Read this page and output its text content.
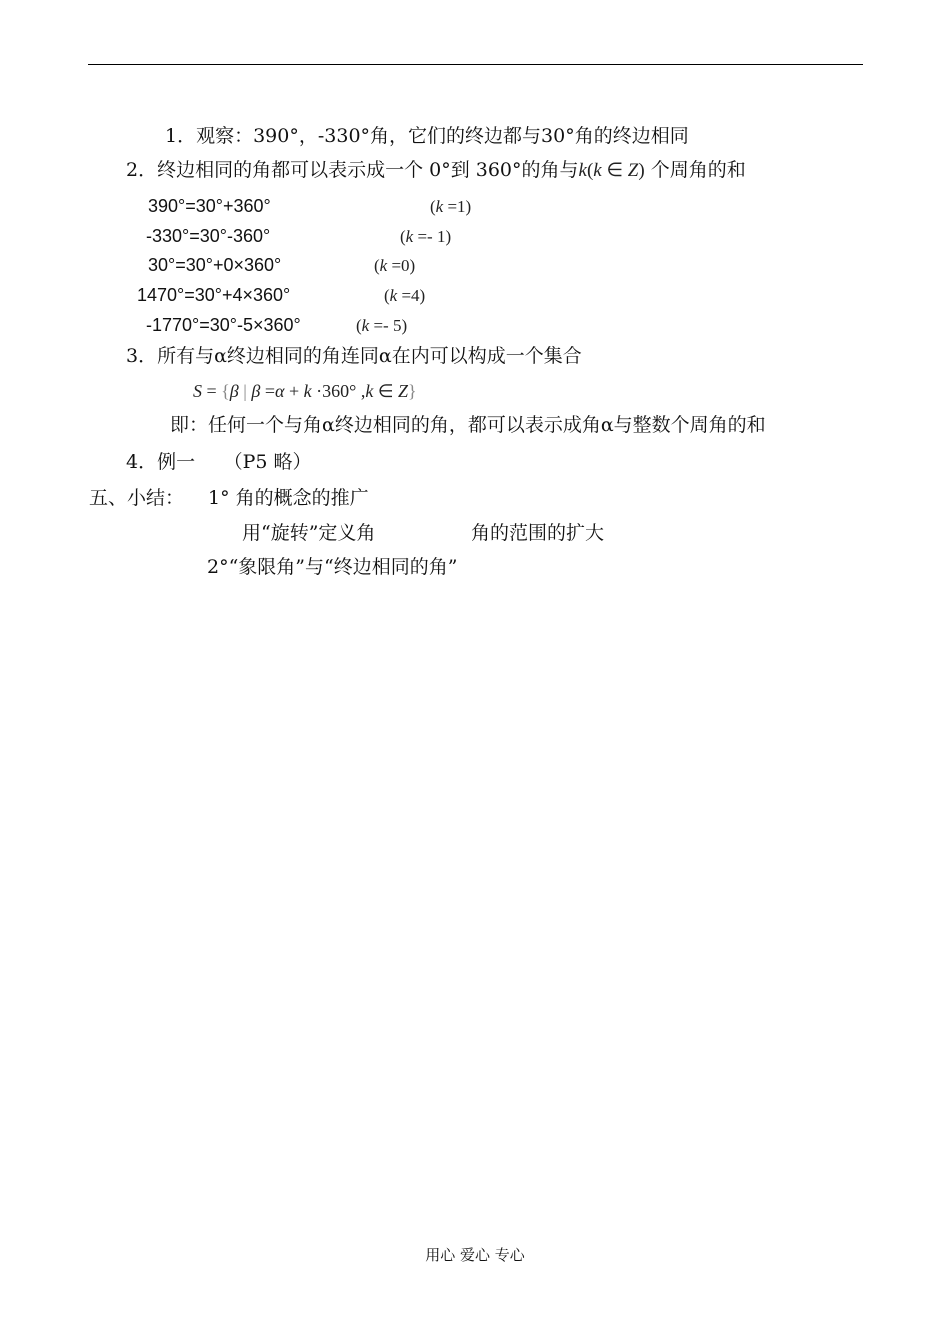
1．观察：390°，-330°角，它们的终边都与30°角的终边相同
2．终边相同的角都可以表示成一个 0°到 360°的角与k(k ∈ Z) 个周角的和
390°=30°+360°	(k =1)
-330°=30°-360°	(k =- 1)
30°=30°+0×360°	(k =0)
1470°=30°+4×360°	(k =4)
-1770°=30°-5×360°	(k =- 5)
3．所有与α终边相同的角连同α在内可以构成一个集合
S = {β | β =α + k ·360° ,k ∈ Z}
即：任何一个与角α终边相同的角，都可以表示成角α与整数个周角的和
4．例一　　（P5 略）
五、小结： 1° 角的概念的推广
用“旋转”定义角	角的范围的扩大
2°“象限角”与“终边相同的角”
用心 爱心 专心
